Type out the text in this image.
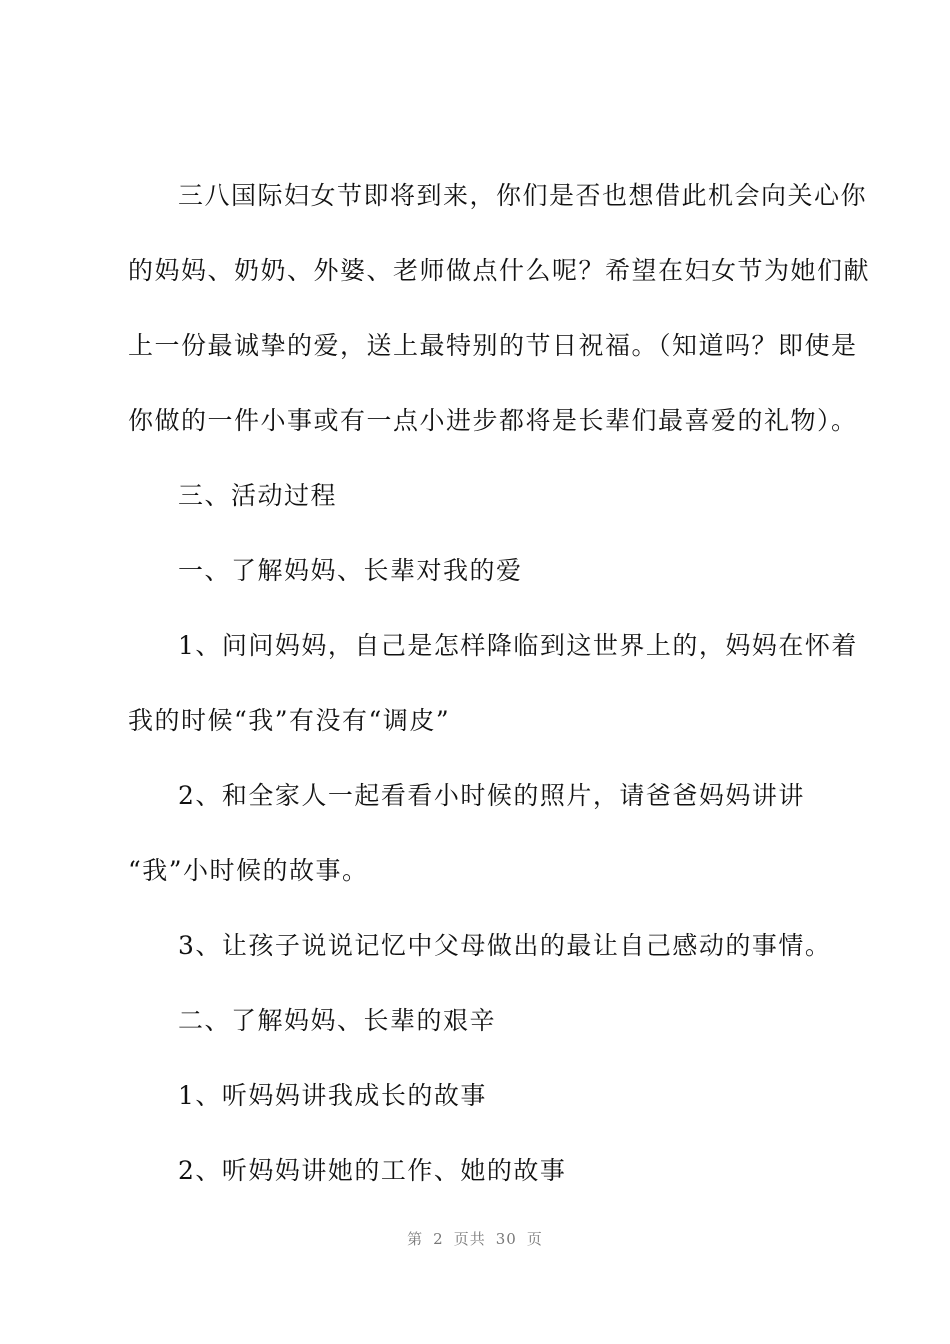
三八国际妇女节即将到来，你们是否也想借此机会向关心你
的妈妈、奶奶、外婆、老师做点什么呢？希望在妇女节为她们献
上一份最诚挚的爱，送上最特别的节日祝福。（知道吗？即使是
你做的一件小事或有一点小进步都将是长辈们最喜爱的礼物）。
三、活动过程
一、了解妈妈、长辈对我的爱
1、问问妈妈，自己是怎样降临到这世界上的，妈妈在怀着
我的时候“我”有没有“调皮”
2、和全家人一起看看小时候的照片，请爸爸妈妈讲讲
“我”小时候的故事。
3、让孩子说说记忆中父母做出的最让自己感动的事情。
二、了解妈妈、长辈的艰辛
1、听妈妈讲我成长的故事
2、听妈妈讲她的工作、她的故事
第 2 页共 30 页
